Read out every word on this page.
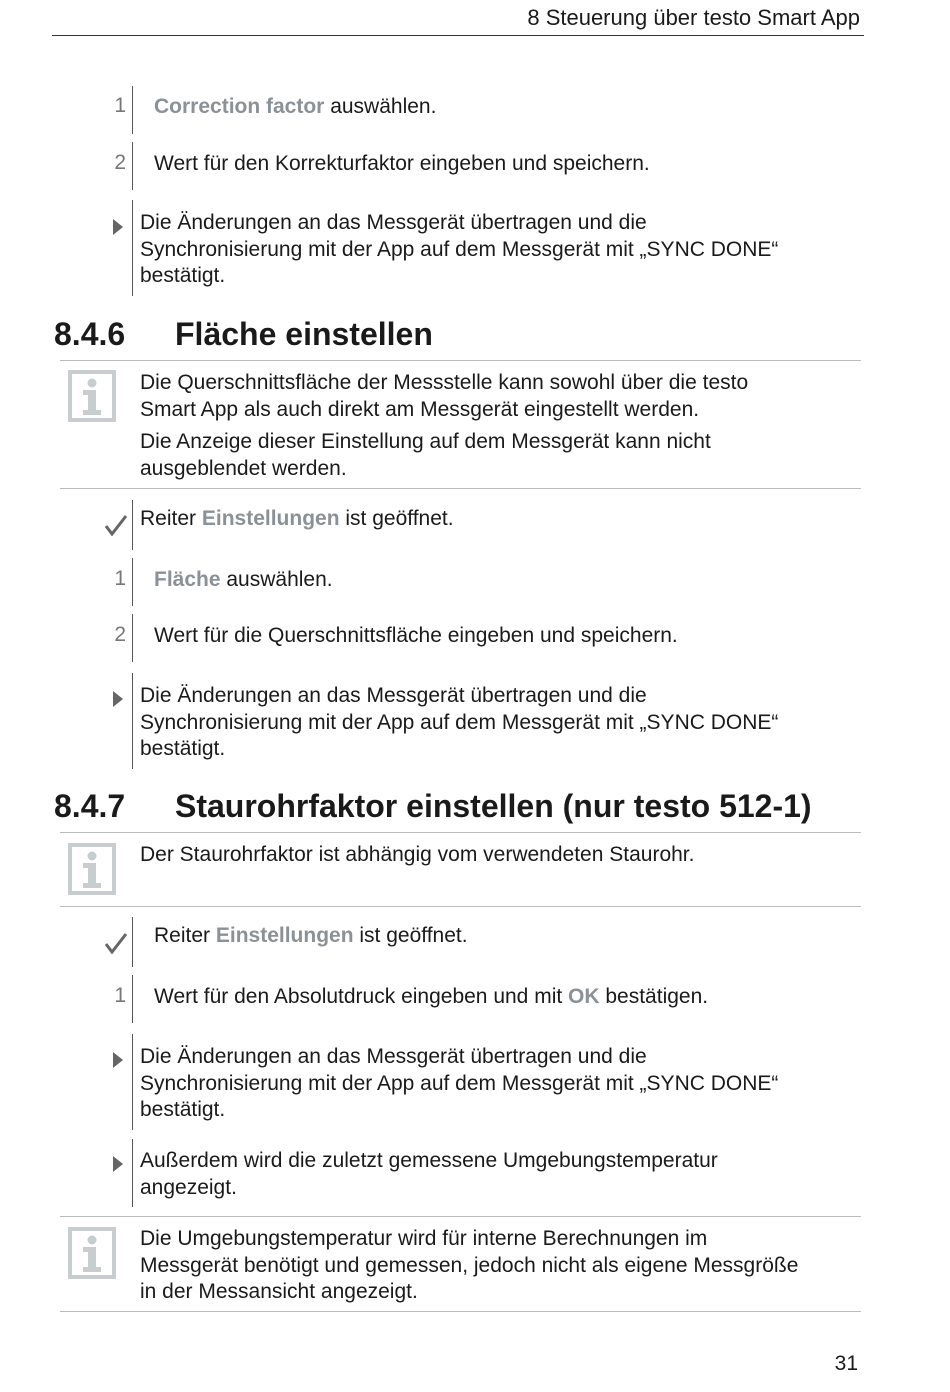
8 Steuerung über testo Smart App
1 Correction factor auswählen.
2 Wert für den Korrekturfaktor eingeben und speichern.
Die Änderungen an das Messgerät übertragen und die
Synchronisierung mit der App auf dem Messgerät mit „SYNC DONE“
bestätigt.
8.4.6 Fläche einstellen
Die Querschnittsfläche der Messstelle kann sowohl über die testo
Smart App als auch direkt am Messgerät eingestellt werden.
Die Anzeige dieser Einstellung auf dem Messgerät kann nicht
ausgeblendet werden.
Reiter Einstellungen ist geöffnet.
1 Fläche auswählen.
2 Wert für die Querschnittsfläche eingeben und speichern.
Die Änderungen an das Messgerät übertragen und die
Synchronisierung mit der App auf dem Messgerät mit „SYNC DONE“
bestätigt.
8.4.7 Staurohrfaktor einstellen (nur testo 512-1)
Der Staurohrfaktor ist abhängig vom verwendeten Staurohr.
Reiter Einstellungen ist geöffnet.
1 Wert für den Absolutdruck eingeben und mit OK bestätigen.
Die Änderungen an das Messgerät übertragen und die
Synchronisierung mit der App auf dem Messgerät mit „SYNC DONE“
bestätigt.
Außerdem wird die zuletzt gemessene Umgebungstemperatur
angezeigt.
Die Umgebungstemperatur wird für interne Berechnungen im
Messgerät benötigt und gemessen, jedoch nicht als eigene Messgröße
in der Messansicht angezeigt.
31
